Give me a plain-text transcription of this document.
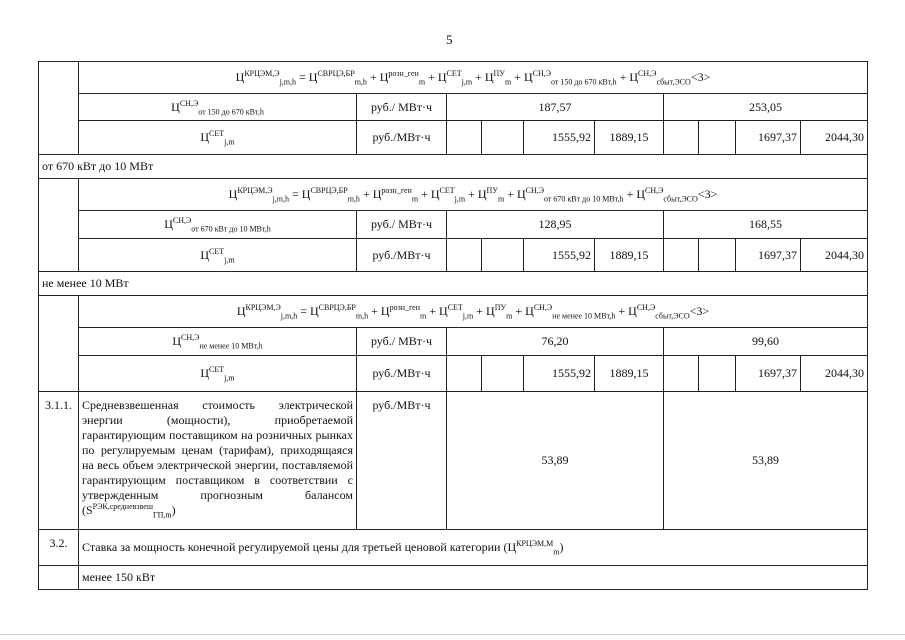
5
	$Ц^{КРЦЭМ,Э}_{j,m,h} = Ц^{СВРЦЭ,БР}_{m,h} + Ц^{розн\_ген}_m + Ц^{СЕТ}_{j,m} + Ц^{ПУ}_m + Ц^{СН,Э}_{от 150 до 670 кВт,h} + Ц^{СН,Э}_{сбыт,ЭСО}<3>$									
	$Ц^{СН,Э}_{от 150 до 670 кВт,h}$	руб./ МВт·ч	187,57				253,05			
	$Ц^{СЕТ}_{j,m}$	руб./МВт·ч			1555,92	1889,15			1697,37	2044,30
от 670 кВт до 10 МВт										
	$Ц^{КРЦЭМ,Э}_{j,m,h} = Ц^{СВРЦЭ,БР}_{m,h} + Ц^{розн\_ген}_m + Ц^{СЕТ}_{j,m} + Ц^{ПУ}_m + Ц^{СН,Э}_{от 670 кВт до 10 МВт,h} + Ц^{СН,Э}_{сбыт,ЭСО}<3>$									
	$Ц^{СН,Э}_{от 670 кВт до 10 МВт,h}$	руб./ МВт·ч	128,95				168,55			
	$Ц^{СЕТ}_{j,m}$	руб./МВт·ч			1555,92	1889,15			1697,37	2044,30
не менее 10 МВт										
	$Ц^{КРЦЭМ,Э}_{j,m,h} = Ц^{СВРЦЭ,БР}_{m,h} + Ц^{розн\_ген}_m + Ц^{СЕТ}_{j,m} + Ц^{ПУ}_m + Ц^{СН,Э}_{не менее 10 МВт,h} + Ц^{СН,Э}_{сбыт,ЭСО}<3>$									
	$Ц^{СН,Э}_{не менее 10 МВт,h}$	руб./ МВт·ч	76,20				99,60			
	$Ц^{СЕТ}_{j,m}$	руб./МВт·ч			1555,92	1889,15			1697,37	2044,30
3.1.1.	Средневзвешенная стоимость электрической энергии (мощности), приобретаемой гарантирующим поставщиком на розничных рынках по регулируемым ценам (тарифам), приходящаяся на весь объем электрической энергии, поставляемой гарантирующим поставщиком в соответствии с утвержденным прогнозным балансом $(S^{РЭК,средневзвеш}_{ГП,m})$	руб./МВт·ч	53,89				53,89			
3.2.	Ставка за мощность конечной регулируемой цены для третьей ценовой категории $(Ц^{КРЦЭМ,М}_m)$									
	менее 150 кВт									
